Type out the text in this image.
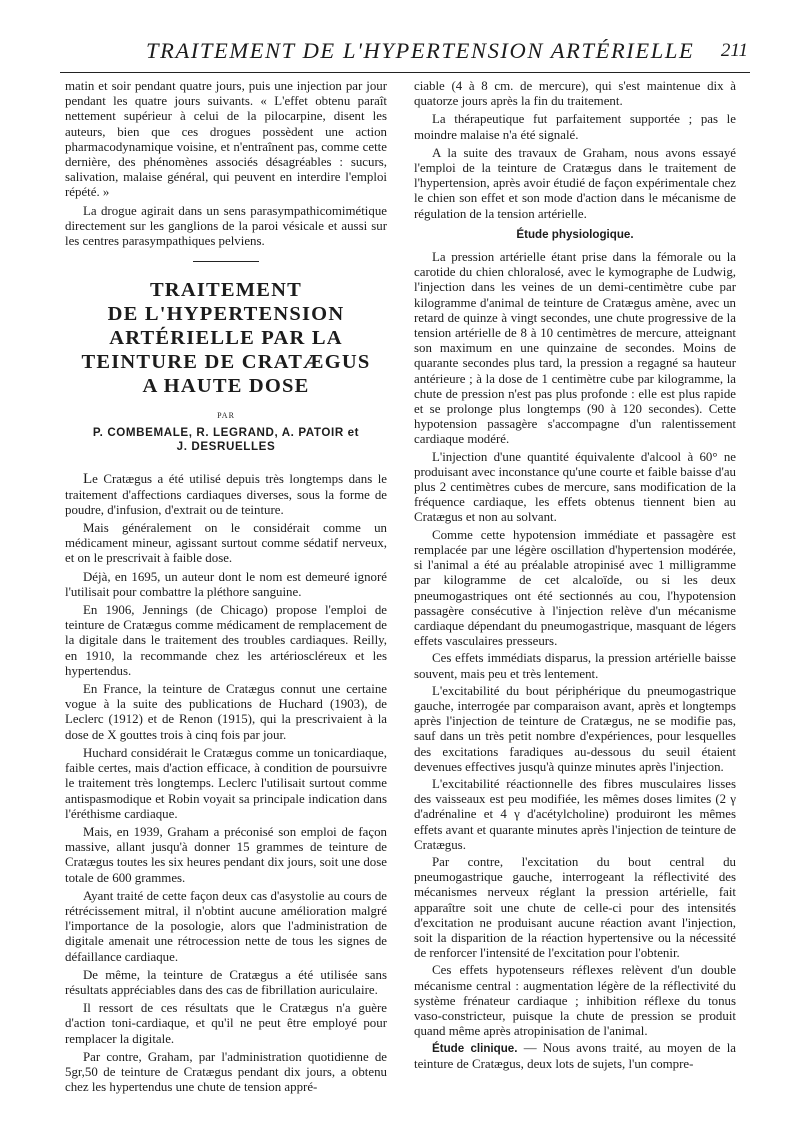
TRAITEMENT DE L'HYPERTENSION ARTÉRIELLE 211

matin et soir pendant quatre jours, puis une injection par jour pendant les quatre jours suivants. « L'effet obtenu paraît nettement supérieur à celui de la pilocarpine, disent les auteurs, bien que ces drogues possèdent une action pharmacodynamique voisine, et n'entraînent pas, comme cette dernière, des phénomènes associés désagréables : sucurs, salivation, malaise général, qui peuvent en interdire l'emploi répété. »

La drogue agirait dans un sens parasympathicomimétique directement sur les ganglions de la paroi vésicale et aussi sur les centres parasympathiques pelviens.

TRAITEMENT
DE L'HYPERTENSION
ARTÉRIELLE PAR LA
TEINTURE DE CRATÆGUS
A HAUTE DOSE
PAR
P. COMBEMALE, R. LEGRAND, A. PATOIR et
J. DESRUELLES

Le Cratægus a été utilisé depuis très longtemps dans le traitement d'affections cardiaques diverses, sous la forme de poudre, d'infusion, d'extrait ou de teinture.

Mais généralement on le considérait comme un médicament mineur, agissant surtout comme sédatif nerveux, et on le prescrivait à faible dose.

Déjà, en 1695, un auteur dont le nom est demeuré ignoré l'utilisait pour combattre la pléthore sanguine.

En 1906, Jennings (de Chicago) propose l'emploi de teinture de Cratægus comme médicament de remplacement de la digitale dans le traitement des troubles cardiaques. Reilly, en 1910, la recommande chez les artérioscléreux et les hypertendus.

En France, la teinture de Cratægus connut une certaine vogue à la suite des publications de Huchard (1903), de Leclerc (1912) et de Renon (1915), qui la prescrivaient à la dose de X gouttes trois à cinq fois par jour.

Huchard considérait le Cratægus comme un tonicardiaque, faible certes, mais d'action efficace, à condition de poursuivre le traitement très longtemps. Leclerc l'utilisait surtout comme antispasmodique et Robin voyait sa principale indication dans l'éréthisme cardiaque.

Mais, en 1939, Graham a préconisé son emploi de façon massive, allant jusqu'à donner 15 grammes de teinture de Cratægus toutes les six heures pendant dix jours, soit une dose totale de 600 grammes.

Ayant traité de cette façon deux cas d'asystolie au cours de rétrécissement mitral, il n'obtint aucune amélioration malgré l'importance de la posologie, alors que l'administration de digitale amenait une rétrocession nette de tous les signes de défaillance cardiaque.

De même, la teinture de Cratægus a été utilisée sans résultats appréciables dans des cas de fibrillation auriculaire.

Il ressort de ces résultats que le Cratægus n'a guère d'action toni-cardiaque, et qu'il ne peut être employé pour remplacer la digitale.

Par contre, Graham, par l'administration quotidienne de 5gr,50 de teinture de Cratægus pendant dix jours, a obtenu chez les hypertendus une chute de tension appré-

ciable (4 à 8 cm. de mercure), qui s'est maintenue dix à quatorze jours après la fin du traitement.

La thérapeutique fut parfaitement supportée ; pas le moindre malaise n'a été signalé.

A la suite des travaux de Graham, nous avons essayé l'emploi de la teinture de Cratægus dans le traitement de l'hypertension, après avoir étudié de façon expérimentale chez le chien son effet et son mode d'action dans le mécanisme de régulation de la tension artérielle.

Étude physiologique.

La pression artérielle étant prise dans la fémorale ou la carotide du chien chloralosé, avec le kymographe de Ludwig, l'injection dans les veines de un demi-centimètre cube par kilogramme d'animal de teinture de Cratægus amène, avec un retard de quinze à vingt secondes, une chute progressive de la tension artérielle de 8 à 10 centimètres de mercure, atteignant son maximum en une quinzaine de secondes. Moins de quarante secondes plus tard, la pression a regagné sa hauteur antérieure ; à la dose de 1 centimètre cube par kilogramme, la chute de pression n'est pas plus profonde : elle est plus rapide et se prolonge plus longtemps (90 à 120 secondes). Cette hypotension passagère s'accompagne d'un ralentissement cardiaque modéré.

L'injection d'une quantité équivalente d'alcool à 60° ne produisant avec inconstance qu'une courte et faible baisse d'au plus 2 centimètres cubes de mercure, sans modification de la fréquence cardiaque, les effets obtenus tiennent bien au Cratægus et non au solvant.

Comme cette hypotension immédiate et passagère est remplacée par une légère oscillation d'hypertension modérée, si l'animal a été au préalable atropinisé avec 1 milligramme par kilogramme de cet alcaloïde, ou si les deux pneumogastriques ont été sectionnés au cou, l'hypotension passagère consécutive à l'injection relève d'un mécanisme cardiaque dépendant du pneumogastrique, masquant de légers effets vasculaires presseurs.

Ces effets immédiats disparus, la pression artérielle baisse souvent, mais peu et très lentement.

L'excitabilité du bout périphérique du pneumogastrique gauche, interrogée par comparaison avant, après et longtemps après l'injection de teinture de Cratægus, ne se modifie pas, sauf dans un très petit nombre d'expériences, pour lesquelles des excitations faradiques au-dessous du seuil étaient devenues effectives jusqu'à quinze minutes après l'injection.

L'excitabilité réactionnelle des fibres musculaires lisses des vaisseaux est peu modifiée, les mêmes doses limites (2 γ d'adrénaline et 4 γ d'acétylcholine) produiront les mêmes effets avant et quarante minutes après l'injection de teinture de Cratægus.

Par contre, l'excitation du bout central du pneumogastrique gauche, interrogeant la réflectivité des mécanismes nerveux réglant la pression artérielle, fait apparaître soit une chute de celle-ci pour des intensités d'excitation ne produisant aucune réaction avant l'injection, soit la disparition de la réaction hypertensive ou la nécessité de renforcer l'intensité de l'excitation pour l'obtenir.

Ces effets hypotenseurs réflexes relèvent d'un double mécanisme central : augmentation légère de la réflectivité du système frénateur cardiaque ; inhibition réflexe du tonus vaso-constricteur, puisque la chute de pression se produit quand même après atropinisation de l'animal.

Étude clinique. — Nous avons traité, au moyen de la teinture de Cratægus, deux lots de sujets, l'un compre-
